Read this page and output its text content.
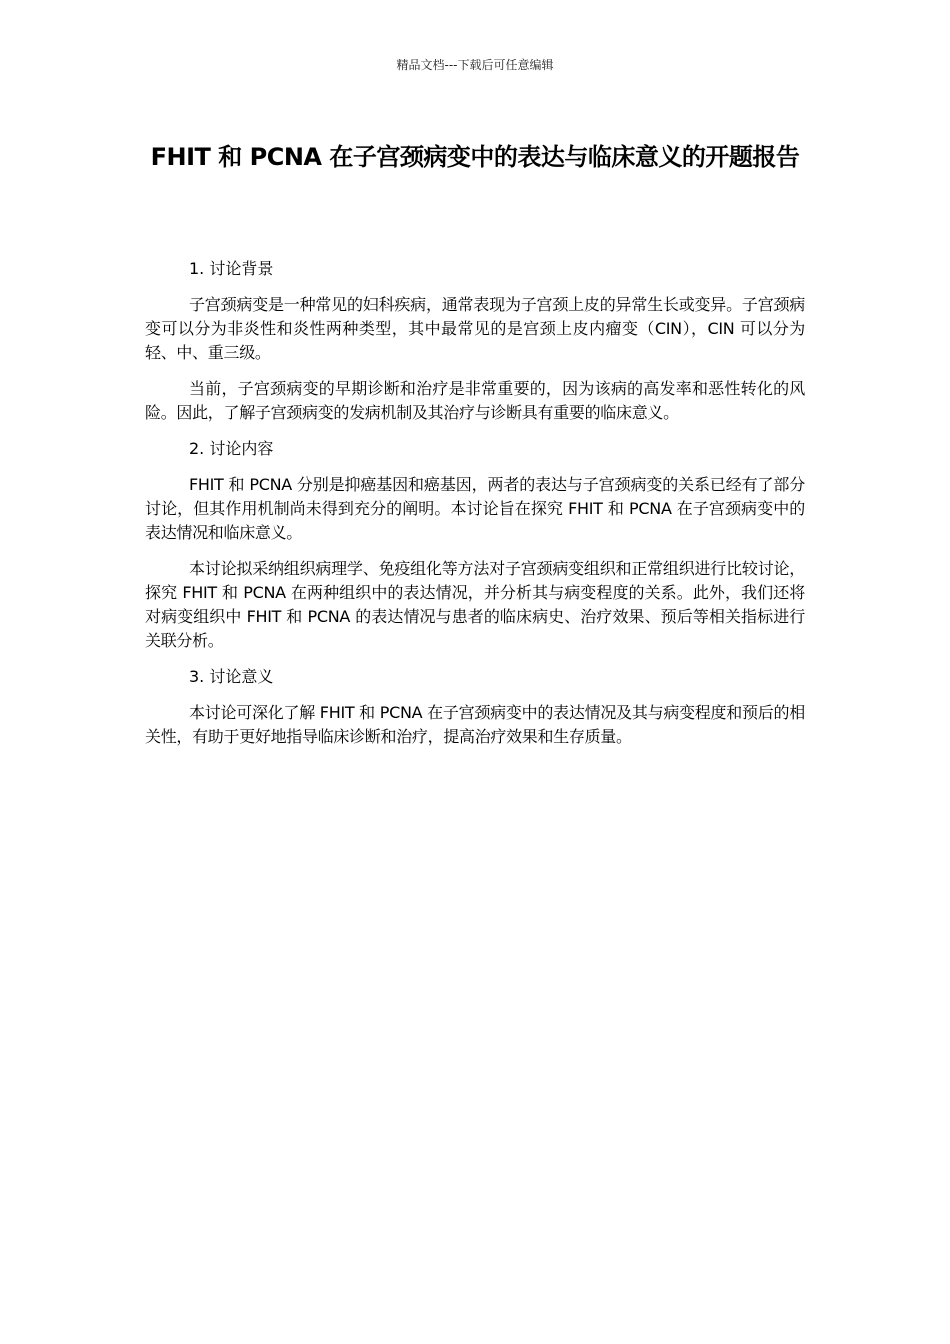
精品文档---下载后可任意编辑
FHIT 和 PCNA 在子宫颈病变中的表达与临床意义的开题报告

1. 讨论背景

子宫颈病变是一种常见的妇科疾病，通常表现为子宫颈上皮的异常生长或变异。子宫颈病变可以分为非炎性和炎性两种类型，其中最常见的是宫颈上皮内瘤变（CIN），CIN 可以分为轻、中、重三级。

当前，子宫颈病变的早期诊断和治疗是非常重要的，因为该病的高发率和恶性转化的风险。因此，了解子宫颈病变的发病机制及其治疗与诊断具有重要的临床意义。

2. 讨论内容

FHIT 和 PCNA 分别是抑癌基因和癌基因，两者的表达与子宫颈病变的关系已经有了部分讨论，但其作用机制尚未得到充分的阐明。本讨论旨在探究 FHIT 和 PCNA 在子宫颈病变中的表达情况和临床意义。

本讨论拟采纳组织病理学、免疫组化等方法对子宫颈病变组织和正常组织进行比较讨论，探究 FHIT 和 PCNA 在两种组织中的表达情况，并分析其与病变程度的关系。此外，我们还将对病变组织中 FHIT 和 PCNA 的表达情况与患者的临床病史、治疗效果、预后等相关指标进行关联分析。

3. 讨论意义

本讨论可深化了解 FHIT 和 PCNA 在子宫颈病变中的表达情况及其与病变程度和预后的相关性，有助于更好地指导临床诊断和治疗，提高治疗效果和生存质量。
